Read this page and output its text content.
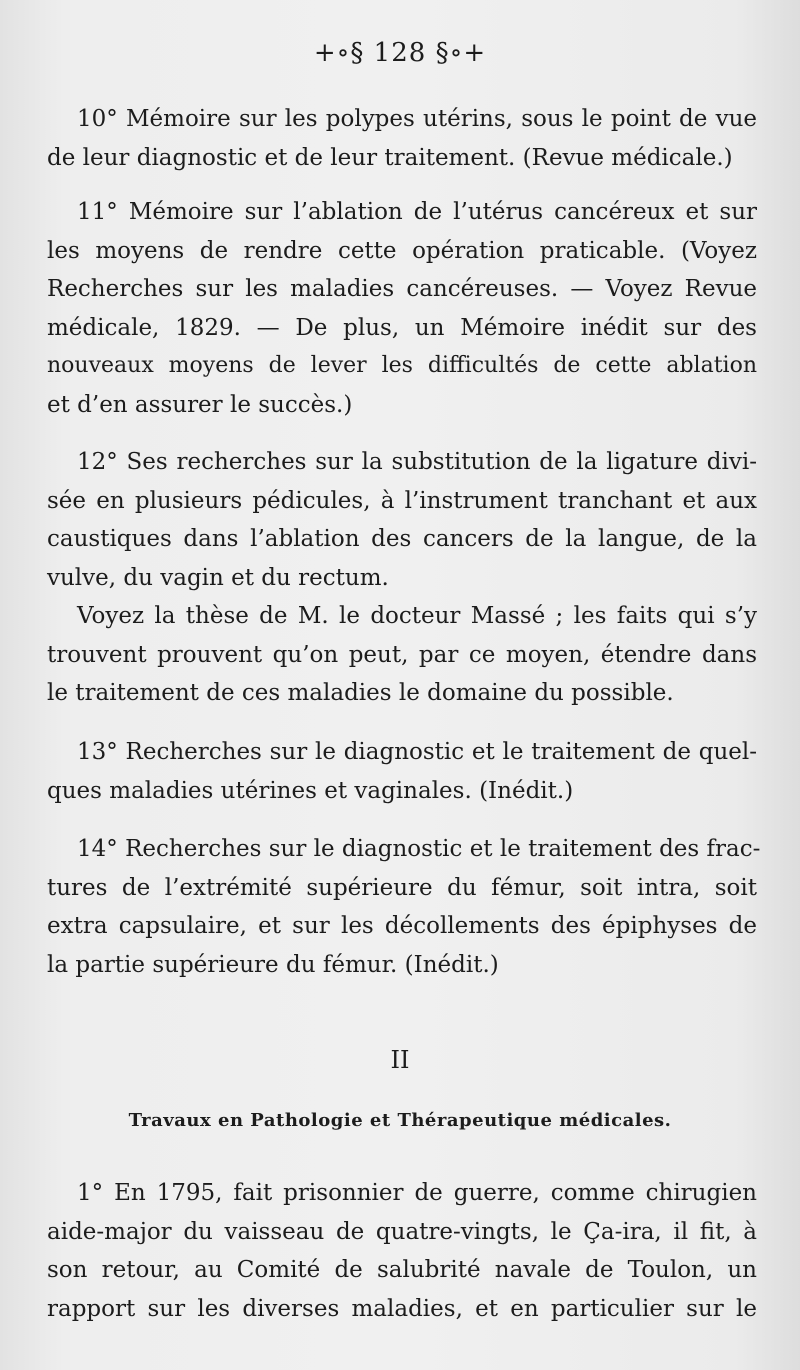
+∘§ 128 §∘+
10° Mémoire sur les polypes utérins, sous le point de vue
de leur diagnostic et de leur traitement. (Revue médicale.)
11° Mémoire sur l’ablation de l’utérus cancéreux et sur
les moyens de rendre cette opération praticable. (Voyez
Recherches sur les maladies cancéreuses. — Voyez Revue
médicale, 1829. — De plus, un Mémoire inédit sur des
nouveaux moyens de lever les difficultés de cette ablation
et d’en assurer le succès.)
12° Ses recherches sur la substitution de la ligature divi-
sée en plusieurs pédicules, à l’instrument tranchant et aux
caustiques dans l’ablation des cancers de la langue, de la
vulve, du vagin et du rectum.
Voyez la thèse de M. le docteur Massé ; les faits qui s’y
trouvent prouvent qu’on peut, par ce moyen, étendre dans
le traitement de ces maladies le domaine du possible.
13° Recherches sur le diagnostic et le traitement de quel-
ques maladies utérines et vaginales. (Inédit.)
14° Recherches sur le diagnostic et le traitement des frac-
tures de l’extrémité supérieure du fémur, soit intra, soit
extra capsulaire, et sur les décollements des épiphyses de
la partie supérieure du fémur. (Inédit.)
II
Travaux en Pathologie et Thérapeutique médicales.
1° En 1795, fait prisonnier de guerre, comme chirugien
aide-major du vaisseau de quatre-vingts, le Ça-ira, il fit, à
son retour, au Comité de salubrité navale de Toulon, un
rapport sur les diverses maladies, et en particulier sur le
